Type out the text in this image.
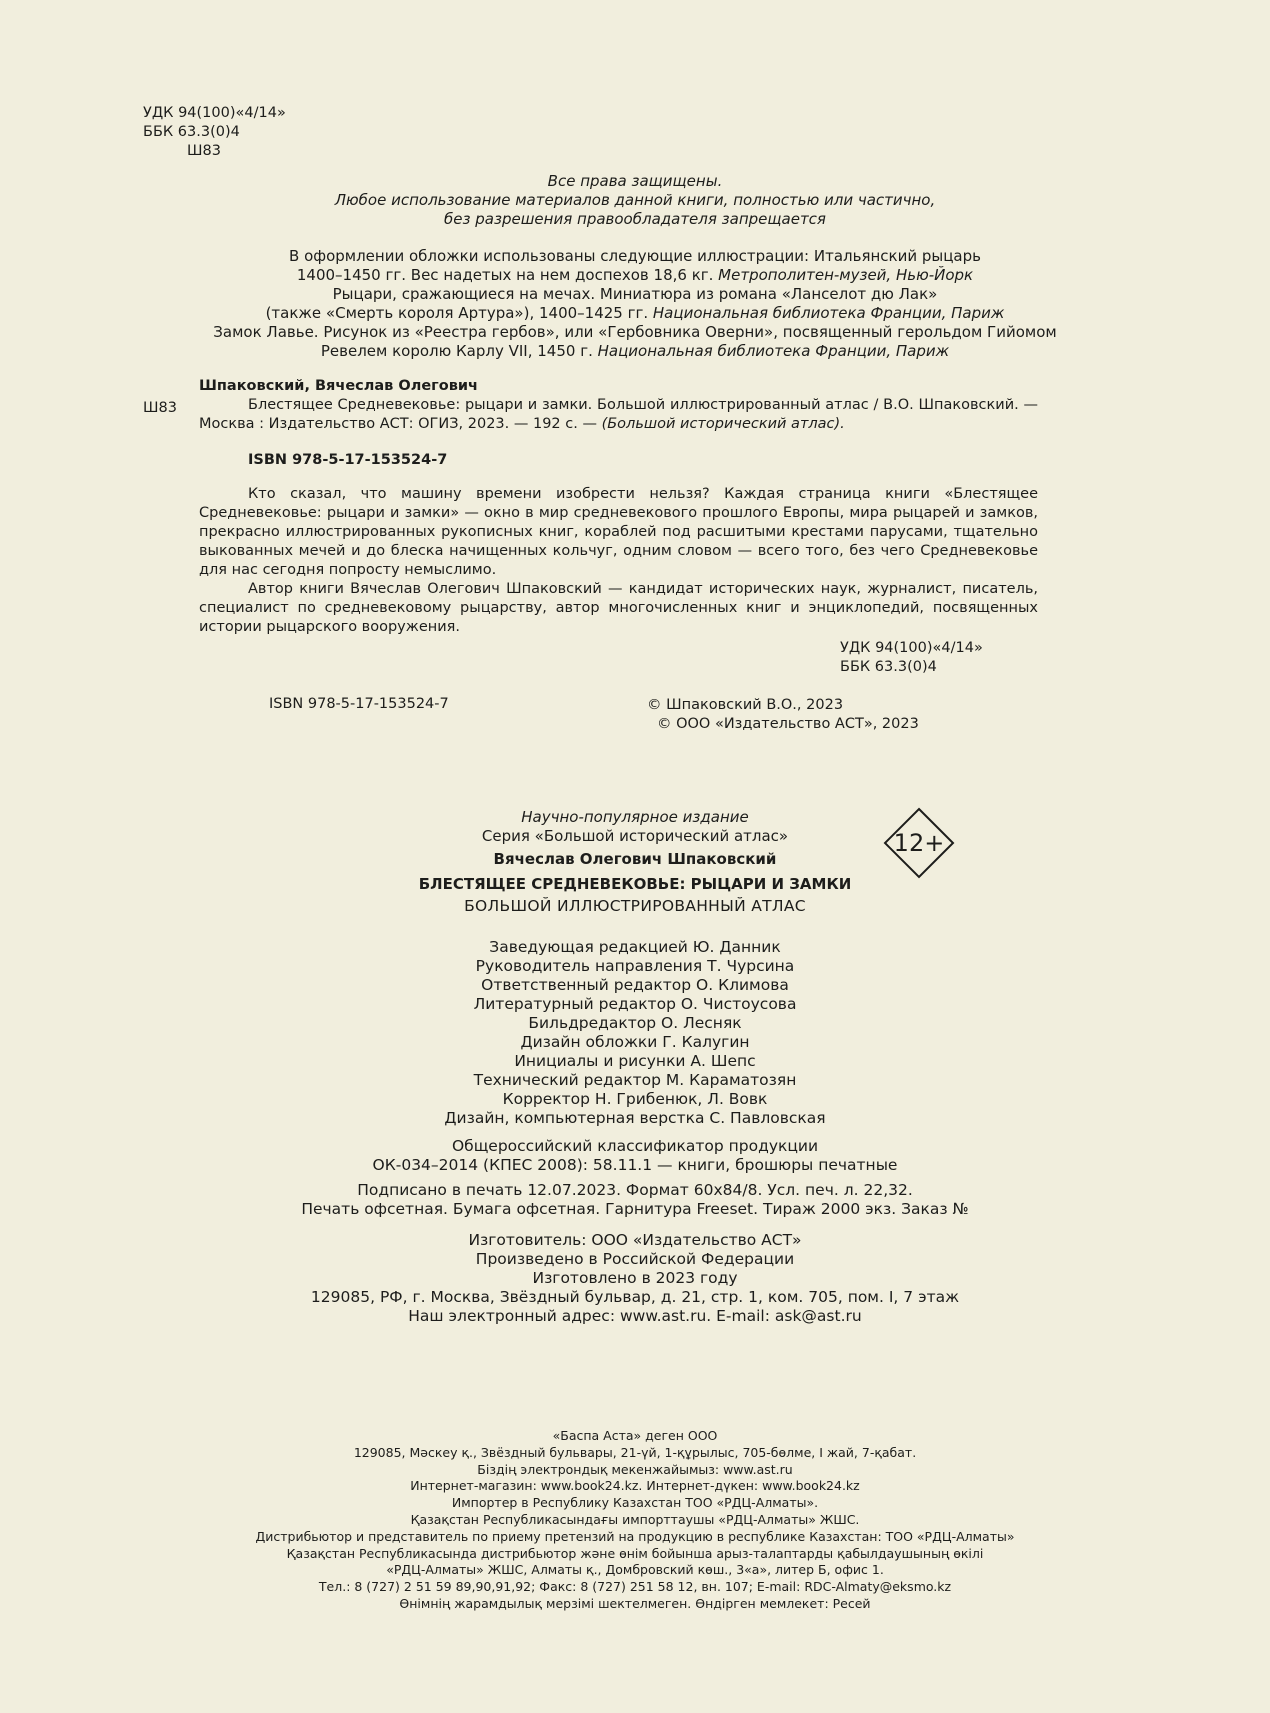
УДК 94(100)«4/14»
ББК 63.3(0)4
Ш83
Все права защищены.
Любое использование материалов данной книги, полностью или частично,
без разрешения правообладателя запрещается
В оформлении обложки использованы следующие иллюстрации: Итальянский рыцарь
1400–1450 гг. Вес надетых на нем доспехов 18,6 кг. Метрополитен-музей, Нью-Йорк
Рыцари, сражающиеся на мечах. Миниатюра из романа «Ланселот дю Лак»
(также «Смерть короля Артура»), 1400–1425 гг. Национальная библиотека Франции, Париж
Замок Лавье. Рисунок из «Реестра гербов», или «Гербовника Оверни», посвященный герольдом Гийомом
Ревелем королю Карлу VII, 1450 г. Национальная библиотека Франции, Париж
Ш83
Шпаковский, Вячеслав Олегович
Блестящее Средневековье: рыцари и замки. Большой иллюстрированный атлас / В.О. Шпаковский. — Москва : Издательство АСТ: ОГИЗ, 2023. — 192 с. — (Большой исторический атлас).
ISBN 978-5-17-153524-7

Кто сказал, что машину времени изобрести нельзя? Каждая страница книги «Блестящее Средневековье: рыцари и замки» — окно в мир средневекового прошлого Европы, мира рыцарей и замков, прекрасно иллюстрированных рукописных книг, кораблей под расшитыми крестами парусами, тщательно выкованных мечей и до блеска начищенных кольчуг, одним словом — всего того, без чего Средневековье для нас сегодня попросту немыслимо.

Автор книги Вячеслав Олегович Шпаковский — кандидат исторических наук, журналист, писатель, специалист по средневековому рыцарству, автор многочисленных книг и энциклопедий, посвященных истории рыцарского вооружения.

УДК 94(100)«4/14»
ББК 63.3(0)4
ISBN 978-5-17-153524-7	© Шпаковский В.О., 2023
© ООО «Издательство АСТ», 2023
Научно-популярное издание
Серия «Большой исторический атлас»
Вячеслав Олегович Шпаковский
БЛЕСТЯЩЕЕ СРЕДНЕВЕКОВЬЕ: РЫЦАРИ И ЗАМКИ
БОЛЬШОЙ ИЛЛЮСТРИРОВАННЫЙ АТЛАС
12+
Заведующая редакцией Ю. Данник
Руководитель направления Т. Чурсина
Ответственный редактор О. Климова
Литературный редактор О. Чистоусова
Бильдредактор О. Лесняк
Дизайн обложки Г. Калугин
Инициалы и рисунки А. Шепс
Технический редактор М. Караматозян
Корректор Н. Грибенюк, Л. Вовк
Дизайн, компьютерная верстка С. Павловская
Общероссийский классификатор продукции
ОК-034–2014 (КПЕС 2008): 58.11.1 — книги, брошюры печатные
Подписано в печать 12.07.2023. Формат 60x84/8. Усл. печ. л. 22,32.
Печать офсетная. Бумага офсетная. Гарнитура Freeset. Тираж 2000 экз. Заказ №
Изготовитель: ООО «Издательство АСТ»
Произведено в Российской Федерации
Изготовлено в 2023 году
129085, РФ, г. Москва, Звёздный бульвар, д. 21, стр. 1, ком. 705, пом. I, 7 этаж
Наш электронный адрес: www.ast.ru. E-mail: ask@ast.ru
«Баспа Аста» деген ООО
129085, Мәскеу қ., Звёздный бульвары, 21-үй, 1-құрылыс, 705-бөлме, I жай, 7-қабат.
Біздің электрондық мекенжайымыз: www.ast.ru
Интернет-магазин: www.book24.kz. Интернет-дүкен: www.book24.kz
Импортер в Республику Казахстан ТОО «РДЦ-Алматы».
Қазақстан Республикасындағы импорттаушы «РДЦ-Алматы» ЖШС.
Дистрибьютор и представитель по приему претензий на продукцию в республике Казахстан: ТОО «РДЦ-Алматы»
Қазақстан Республикасында дистрибьютор және өнім бойынша арыз-талаптарды қабылдаушының өкілі
«РДЦ-Алматы» ЖШС, Алматы қ., Домбровский көш., 3«а», литер Б, офис 1.
Тел.: 8 (727) 2 51 59 89,90,91,92; Факс: 8 (727) 251 58 12, вн. 107; E-mail: RDC-Almaty@eksmo.kz
Өнімнің жарамдылық мерзімі шектелмеген. Өндірген мемлекет: Ресей
